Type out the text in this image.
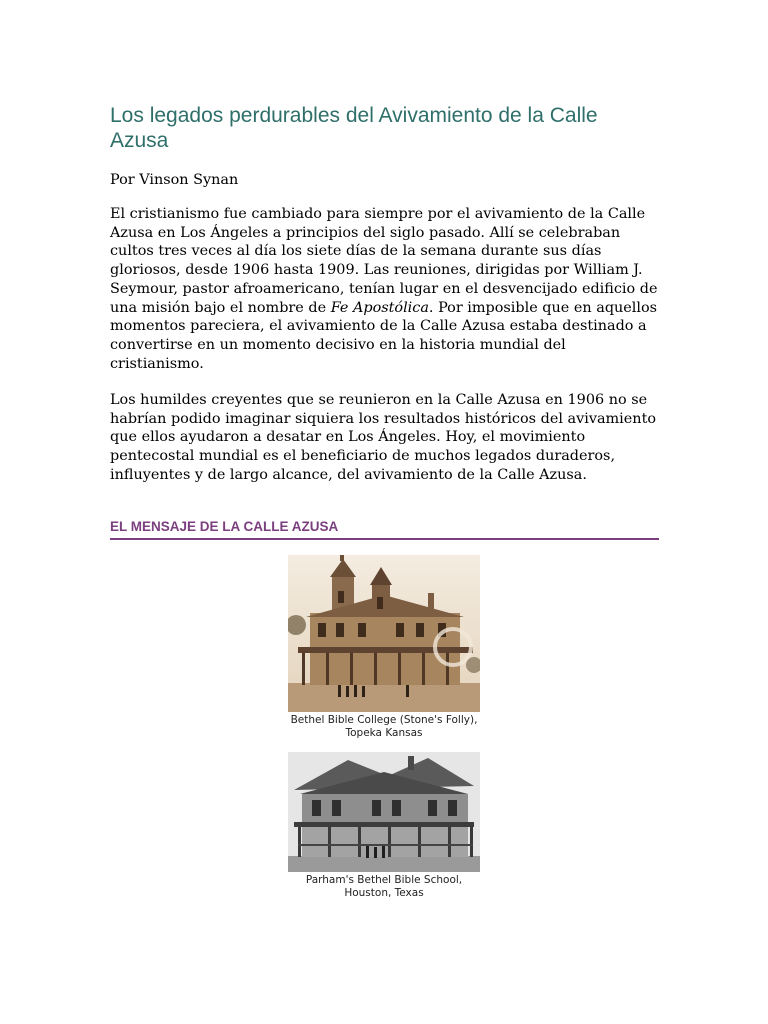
Los legados perdurables del Avivamiento de la Calle Azusa

Por Vinson Synan

El cristianismo fue cambiado para siempre por el avivamiento de la Calle Azusa en Los Ángeles a principios del siglo pasado. Allí se celebraban cultos tres veces al día los siete días de la semana durante sus días gloriosos, desde 1906 hasta 1909. Las reuniones, dirigidas por William J. Seymour, pastor afroamericano, tenían lugar en el desvencijado edificio de una misión bajo el nombre de Fe Apostólica. Por imposible que en aquellos momentos pareciera, el avivamiento de la Calle Azusa estaba destinado a convertirse en un momento decisivo en la historia mundial del cristianismo.

Los humildes creyentes que se reunieron en la Calle Azusa en 1906 no se habrían podido imaginar siquiera los resultados históricos del avivamiento que ellos ayudaron a desatar en Los Ángeles. Hoy, el movimiento pentecostal mundial es el beneficiario de muchos legados duraderos, influyentes y de largo alcance, del avivamiento de la Calle Azusa.

EL MENSAJE DE LA CALLE AZUSA
Bethel Bible College (Stone's Folly),
Topeka Kansas
Parham's Bethel Bible School,
Houston, Texas
